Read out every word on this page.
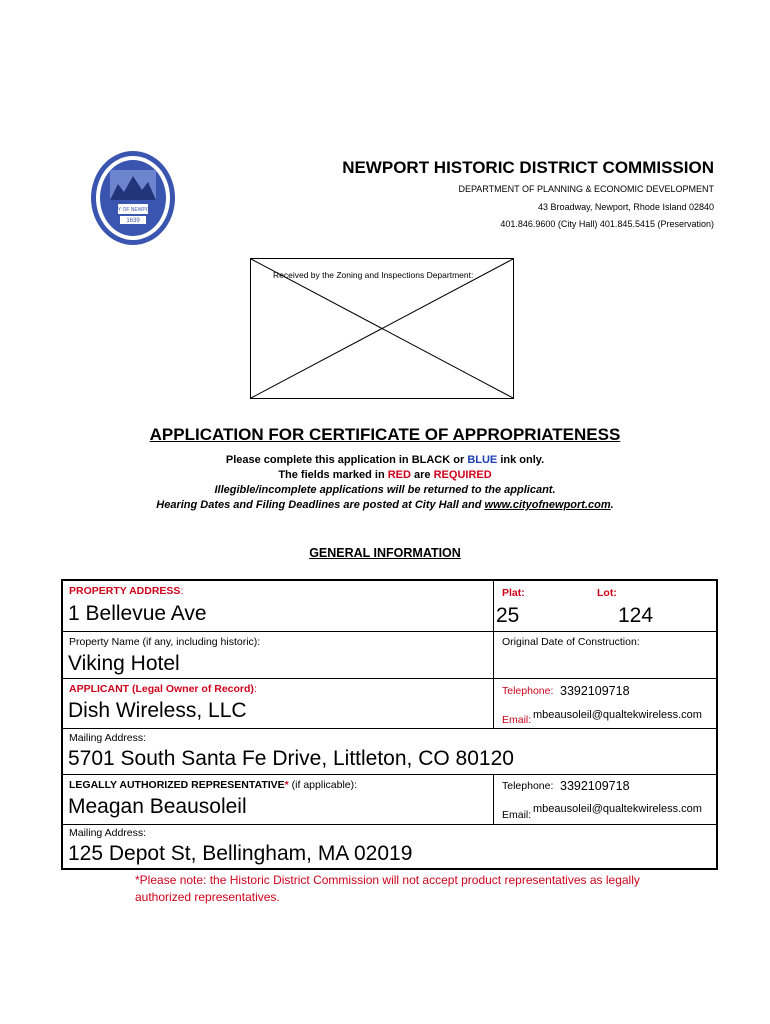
CITY OF NEWPORT
1639
NEWPORT HISTORIC DISTRICT COMMISSION
DEPARTMENT OF PLANNING & ECONOMIC DEVELOPMENT
43 Broadway, Newport, Rhode Island 02840
401.846.9600 (City Hall) 401.845.5415 (Preservation)
Received by the Zoning and Inspections Department:
APPLICATION FOR CERTIFICATE OF APPROPRIATENESS
Please complete this application in BLACK or BLUE ink only.
The fields marked in RED are REQUIRED
Illegible/incomplete applications will be returned to the applicant.
Hearing Dates and Filing Deadlines are posted at City Hall and www.cityofnewport.com.
GENERAL INFORMATION
PROPERTY ADDRESS:
1 Bellevue Ave
Plat:	Lot:
25	124
Property Name (if any, including historic):
Viking Hotel
Original Date of Construction:
APPLICANT (Legal Owner of Record):
Dish Wireless, LLC
Telephone: 3392109718
Email: mbeausoleil@qualtekwireless.com
Mailing Address:
5701 South Santa Fe Drive, Littleton, CO 80120
LEGALLY AUTHORIZED REPRESENTATIVE* (if applicable):
Meagan Beausoleil
Telephone: 3392109718
Email: mbeausoleil@qualtekwireless.com
Mailing Address:
125 Depot St, Bellingham, MA 02019
*Please note: the Historic District Commission will not accept product representatives as legally authorized representatives.
